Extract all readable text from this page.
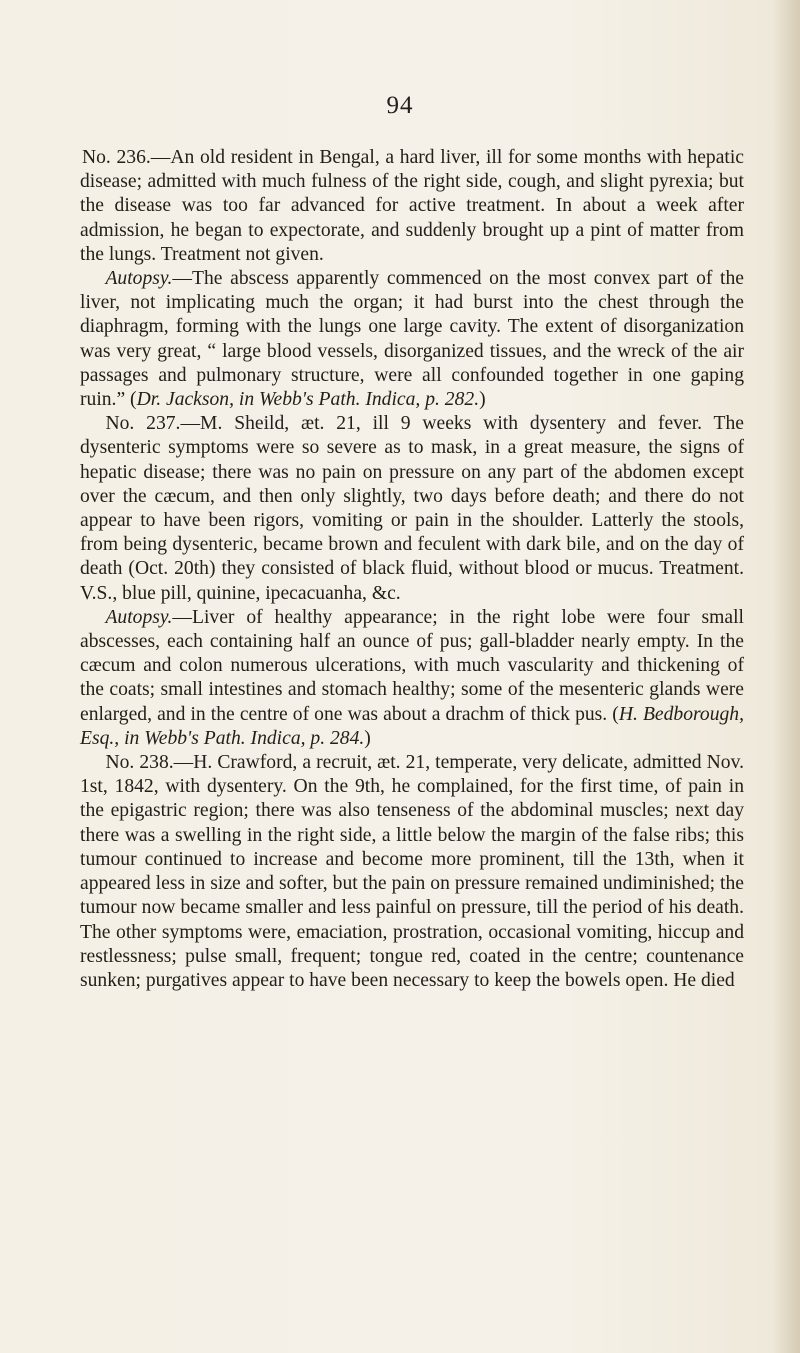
94

No. 236.—An old resident in Bengal, a hard liver, ill for some months with hepatic disease; admitted with much fulness of the right side, cough, and slight pyrexia; but the disease was too far advanced for active treatment. In about a week after admission, he began to expectorate, and suddenly brought up a pint of matter from the lungs. Treatment not given.

Autopsy.—The abscess apparently commenced on the most convex part of the liver, not implicating much the organ; it had burst into the chest through the diaphragm, forming with the lungs one large cavity. The extent of disorganization was very great, “ large blood vessels, disorganized tissues, and the wreck of the air passages and pulmonary structure, were all confounded together in one gaping ruin.” (Dr. Jackson, in Webb's Path. Indica, p. 282.)

No. 237.—M. Sheild, æt. 21, ill 9 weeks with dysentery and fever. The dysenteric symptoms were so severe as to mask, in a great measure, the signs of hepatic disease; there was no pain on pressure on any part of the abdomen except over the cæcum, and then only slightly, two days before death; and there do not appear to have been rigors, vomiting or pain in the shoulder. Latterly the stools, from being dysenteric, became brown and feculent with dark bile, and on the day of death (Oct. 20th) they consisted of black fluid, without blood or mucus. Treatment. V.S., blue pill, quinine, ipecacuanha, &c.

Autopsy.—Liver of healthy appearance; in the right lobe were four small abscesses, each containing half an ounce of pus; gall-bladder nearly empty. In the cæcum and colon numerous ulcerations, with much vascularity and thickening of the coats; small intestines and stomach healthy; some of the mesenteric glands were enlarged, and in the centre of one was about a drachm of thick pus. (H. Bedborough, Esq., in Webb's Path. Indica, p. 284.)

No. 238.—H. Crawford, a recruit, æt. 21, temperate, very delicate, admitted Nov. 1st, 1842, with dysentery. On the 9th, he complained, for the first time, of pain in the epigastric region; there was also tenseness of the abdominal muscles; next day there was a swelling in the right side, a little below the margin of the false ribs; this tumour continued to increase and become more prominent, till the 13th, when it appeared less in size and softer, but the pain on pressure remained undiminished; the tumour now became smaller and less painful on pressure, till the period of his death. The other symptoms were, emaciation, prostration, occasional vomiting, hiccup and restlessness; pulse small, frequent; tongue red, coated in the centre; countenance sunken; purgatives appear to have been necessary to keep the bowels open. He died
